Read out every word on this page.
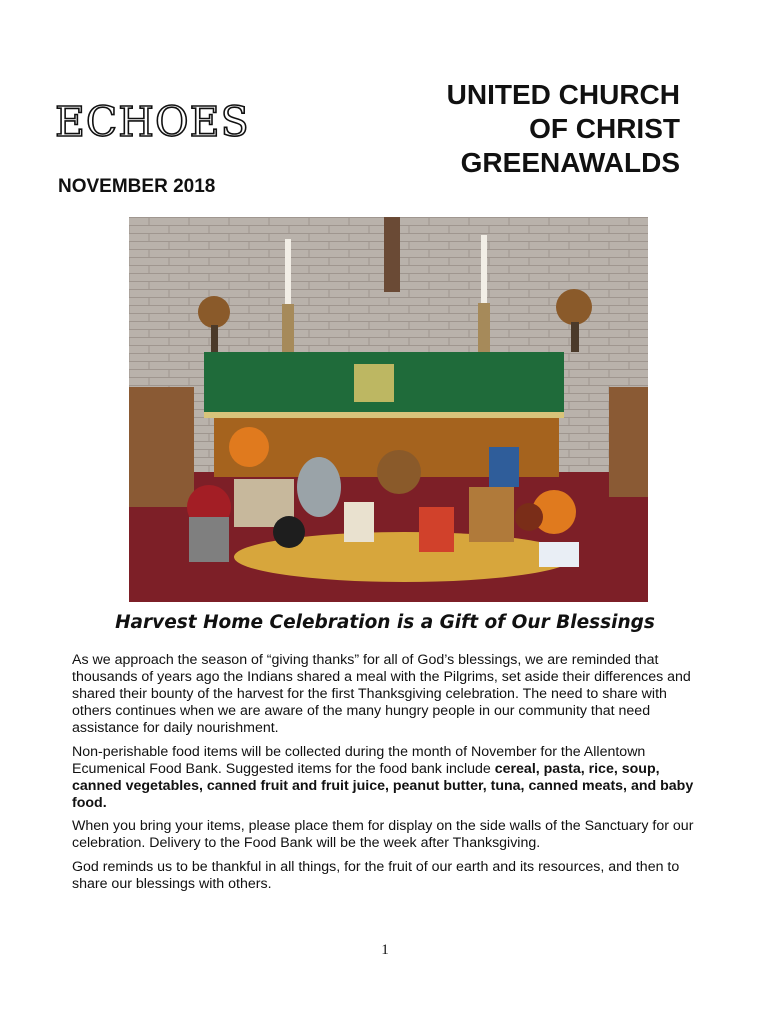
ECHOES
NOVEMBER 2018
UNITED CHURCH
OF CHRIST
GREENAWALDS
Harvest Home Celebration is a Gift of Our Blessings

As we approach the season of “giving thanks” for all of God’s blessings, we are reminded that thousands of years ago the Indians shared a meal with the Pilgrims, set aside their differences and shared their bounty of the harvest for the first Thanksgiving celebration. The need to share with others continues when we are aware of the many hungry people in our community that need assistance for daily nourishment.

Non-perishable food items will be collected during the month of November for the Allentown Ecumenical Food Bank. Suggested items for the food bank include cereal, pasta, rice, soup, canned vegetables, canned fruit and fruit juice, peanut butter, tuna, canned meats, and baby food.

When you bring your items, please place them for display on the side walls of the Sanctuary for our celebration. Delivery to the Food Bank will be the week after Thanksgiving.

God reminds us to be thankful in all things, for the fruit of our earth and its resources, and then to share our blessings with others.

1
